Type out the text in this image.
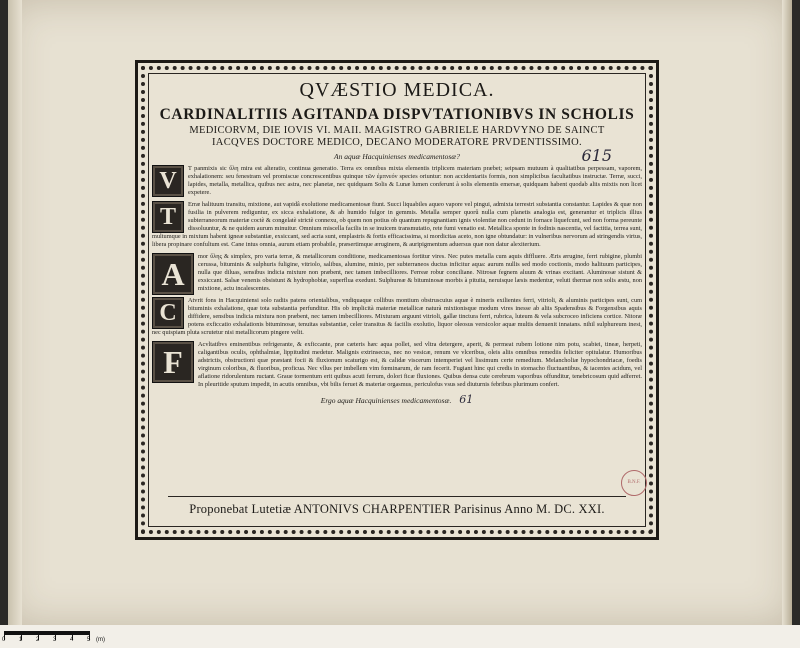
QVÆSTIO MEDICA.
CARDINALITIIS AGITANDA DISPVTATIONIBVS IN SCHOLIS
MEDICORVM, DIE IOVIS VI. MAII. MAGISTRO GABRIELE HARDVYNO DE SAINCT
IACQVES DOCTORE MEDICO, DECANO MODERATORE PRVDENTISSIMO.
An aquæ Hacquinienses medicamentosæ?	615
V	T panmixis sic ὕλη mira est alteratio, continua generatio. Terra ex omnibus mixta elementis triplicem materiam præbet; seipsam mutuum à qualitatibus perpessam, vaporem, exhalationem: seu fenestram vel promiscue concrescentibus quinque τῶν ἐμπνεόν species oriuntur: non accidentariis formis, non simplicibus facultatibus instructæ. Terræ, succi, lapides, metalla, metallica, quibus nec astra, nec planetæ, nec quidquam Solis & Lunæ lumen conferunt à solis elementis emersæ, quidquam habent quodab aliis mixtis non licet expetere.
T	Erræ halituum transitu, mixtione, aut vapidâ exolutione medicamentosæ fiunt. Succi liquabiles aqueo vapore vel pingui, admixta terrestri substantia constantur. Lapides & quæ non fusilia in pulverem rediguntur, ex sicca exhalatione, & ab humido fulgor in gemmis. Metalla semper quorû nulla cum planetis analogia est, generantur et triplicis illius subterraneorum materiæ coctè & congelatè strictè connexu, ob quem non potius ob quantum repugnantiam ignis violentiæ non cedunt in fornace liquefcunt, sed non forma pereunte dissoluuntur, & ne quidem aurum minuitur. Omnium miscella facilis in se inuicem transmutatio, rete fumi venatio est. Metallica sponte in fodinis nascentia, vel factitia, terrea sunt, multumque in mixtum habent igneæ substantiæ, exsiccant, sed acria sunt, emplastris & fortis efficacissima, si mordicitas aceto, non igne obtundatur: in vulneribus nervorum ad stringendis virtus, libera propinare confultum est. Cane intus omnia, aurum etiam probabile, præsertimque æruginem, & auripigmentum aduersus quæ non datur alexiterium.
A	mor ὕλης & simplex, pro varia terræ, & metallicorum conditione, medicamentosas fortitur vires. Nec putes metalla cum aquis diffluere. Æris ærugine, ferri rubigine, plumbi cerussa, bituminis & sulphuris fuligine, vitriolo, salibus, alumine, minio, per subterraneos ductus inficitur aqua: aurum nullis sed modo coctionis, modo halituum participes, nulla que diluas, sensibus indicia mixture non præbent, nec tamen imbecilliores. Ferreæ robur conciliane. Nitrosæ fegnem aluum & vrinas excitant. Aluminosæ sistunt & exsiccant. Salsæ venenis obsistunt & hydrophobiæ, superflua exedunt. Sulphureæ & bituminosæ morbis à pituita, neruisque læsis medentur, veluti thermæ non solis æstu, non mixtione, actu incalescentes.
C	Atvrit fons in Hacquiniensi solo radiis patens orientalibus, vndiquaque collibus montium obstruscuius aquæ è mineris exilientes ferri, vitrioli, & aluminis participes sunt, cum bituminis exhalatione, quæ tota substantia perfunditur. His ob implicità materiæ metallicæ naturà mixtionisque modum vires inesse ab aliis Spadensibus & Forgensibus aquis diffidere, sensibus indicia mixtura non præbent, nec tamen imbecilliores. Mixturam arguunt vitrioli, gallæ tinctura ferri, rubrica, luteum & vela subcroceo inficiens cortice. Nitoræ potens exficcatio exhalationis bituminosæ, tenuitas substantiæ, celer transitus & faciilis exolutio, liquor oleosus versicolor aquæ multis denuenit innatans. nihil sulphureum inest, nec quispiam pluta scrutetur nisi metallicorum pingere velit.
F	Acvltatibvs eminentibus refrigerante, & exficcante, præ cæteris hæc aqua pollet, sed vltra detergere, aperit, & permeat rubem lotione nim potu, scabiei, tineæ, herpeti, caligantibus oculis, ophthalmiæ, lippitudini medetur. Malignis extrinsecus, nec no vesicæ, renum ve vlceribus, oleis aliis omnibus remediis feliciter opitulatur. Humoribus adstrictis, obstructioni quæ præstant focii & fluxionum scaturigo est, & calidæ viscerum intemperiei vel lissimum certe remedium. Melancholiæ hypochondriacæ, foedis virginum coloribus, & fluoribus, proficua. Nec vllus per imbellem vim fœminarum, de ram fecerit. Fugiant hinc qui credis in stomacho fluctuantibus, & iacentes acidum, vel aflatione ridorulentum ructant. Graue tormentum erit quibus acuti ferrum, dolori ficæ fluxiones. Quibus densa cute cerebrum vaporibus offunditur, tenebricosum quid adferret. In pleuritide sputum impedit, in acutis omnibus, vbi bilis feruet & materiæ orgasmus, periculofus vsus sed diuturnis febribus plurimum confert.
Ergo aquæ Hacquinienses medicamentosæ. 61
Proponebat Lutetiæ ANTONIVS CHARPENTIER Parisinus Anno M. DC. XXI.
B.N.F.
0 1 2 3 4 5 (m)
